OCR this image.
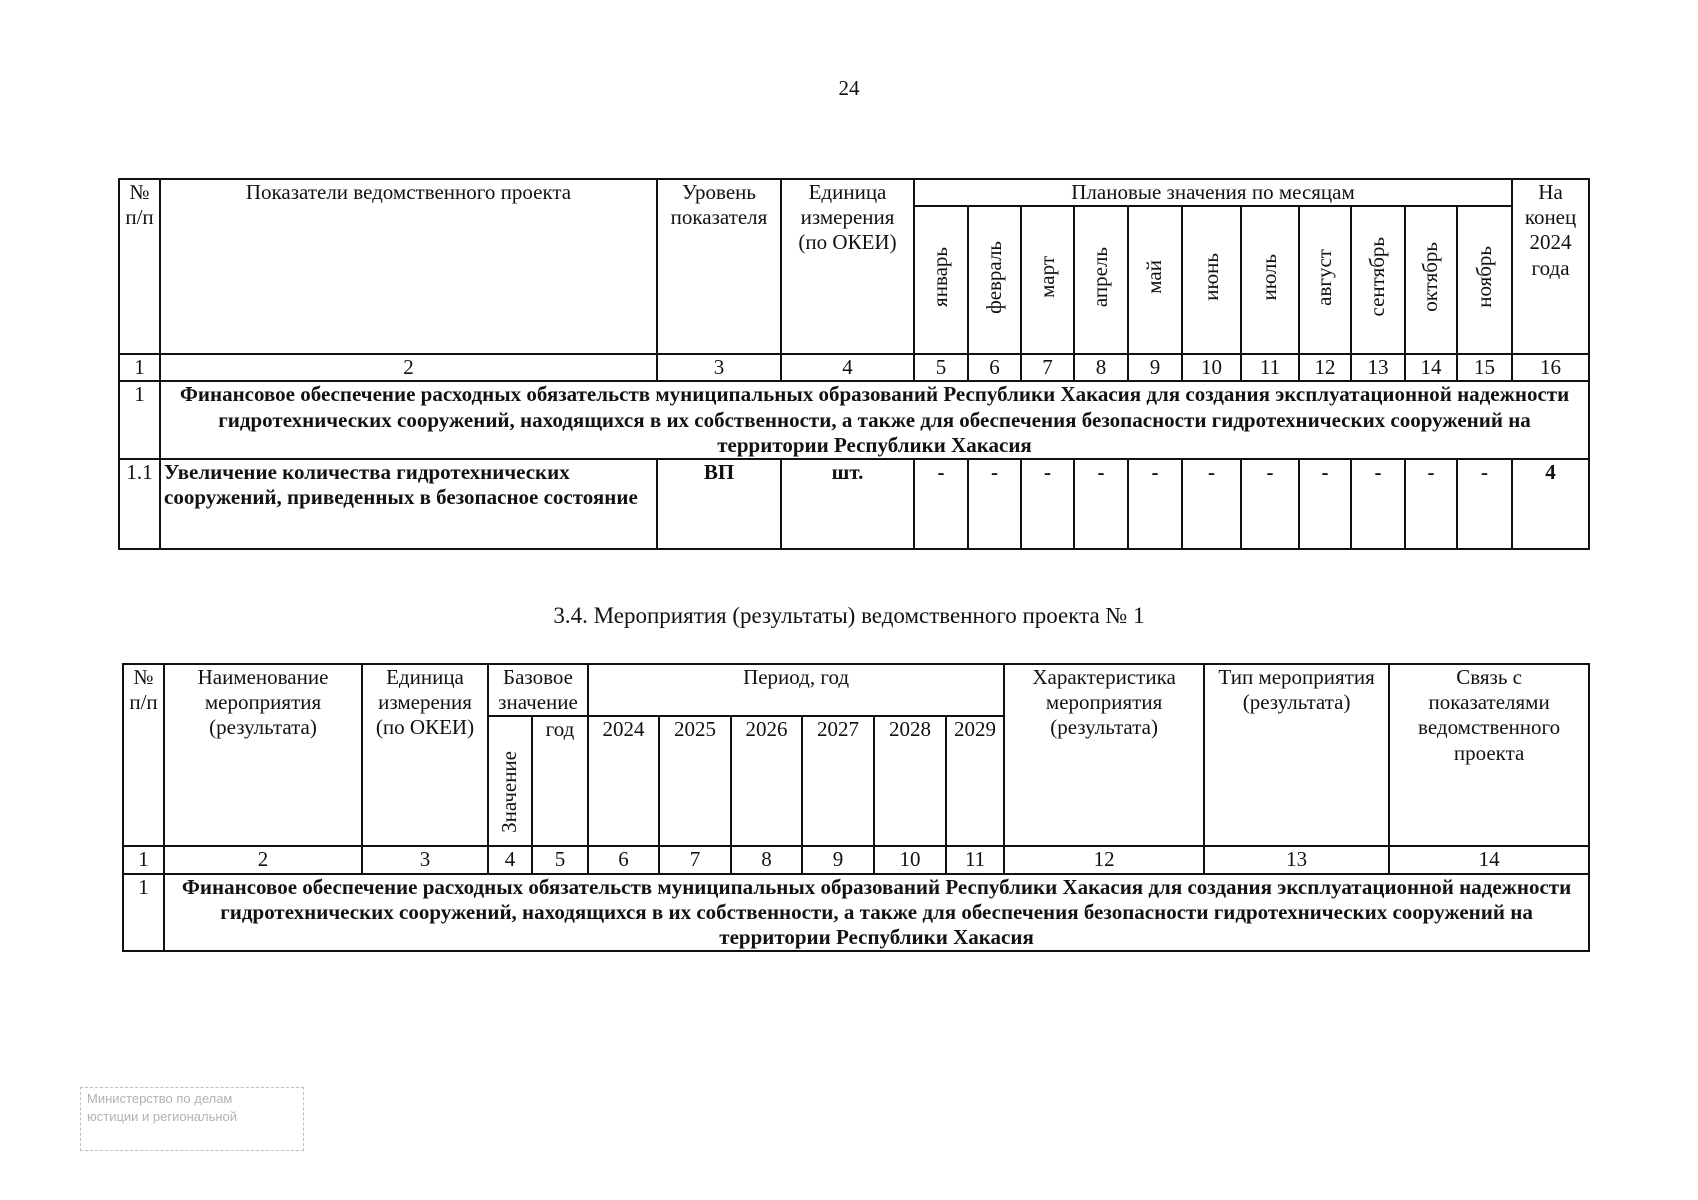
24
№ п/п	Показатели ведомственного проекта	Уровень показателя	Единица измерения (по ОКЕИ)	Плановые значения по месяцам											На конец 2024 года
				январь	февраль	март	апрель	май	июнь	июль	август	сентябрь	октябрь	ноябрь	
1	2	3	4	5	6	7	8	9	10	11	12	13	14	15	16
1	Финансовое обеспечение расходных обязательств муниципальных образований Республики Хакасия для создания эксплуатационной надежности гидротехнических сооружений, находящихся в их собственности, а также для обеспечения безопасности гидротехнических сооружений на территории Республики Хакасия														
1.1	Увеличение количества гидротехнических сооружений, приведенных в безопасное состояние	ВП	шт.	-	-	-	-	-	-	-	-	-	-	-	4
3.4. Мероприятия (результаты) ведомственного проекта № 1
№ п/п	Наименование мероприятия (результата)	Единица измерения (по ОКЕИ)	Базовое значение		Период, год						Характеристика мероприятия (результата)	Тип мероприятия (результата)	Связь с показателями ведомственного проекта
			Значение	год	2024	2025	2026	2027	2028	2029			
1	2	3	4	5	6	7	8	9	10	11	12	13	14
1	Финансовое обеспечение расходных обязательств муниципальных образований Республики Хакасия для создания эксплуатационной надежности гидротехнических сооружений, находящихся в их собственности, а также для обеспечения безопасности гидротехнических сооружений на территории Республики Хакасия												
Министерство по делам
юстиции и региональной
